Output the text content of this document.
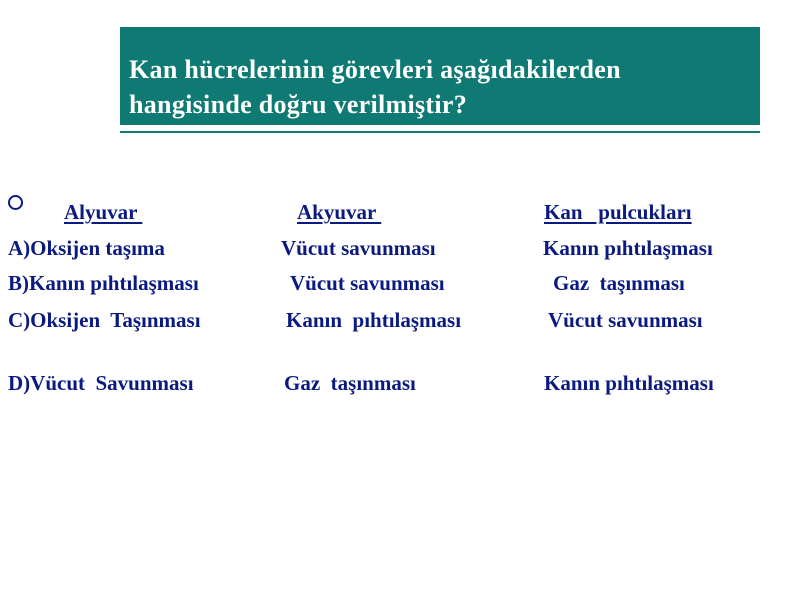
Kan hücrelerinin görevleri aşağıdakilerden
hangisinde doğru verilmiştir?
Alyuvar	Akyuvar	Kan   pulcukları
A)Oksijen taşıma	Vücut savunması	Kanın pıhtılaşması
B)Kanın pıhtılaşması	Vücut savunması	Gaz  taşınması
C)Oksijen  Taşınması	Kanın  pıhtılaşması	Vücut savunması
D)Vücut  Savunması	Gaz  taşınması	Kanın pıhtılaşması
